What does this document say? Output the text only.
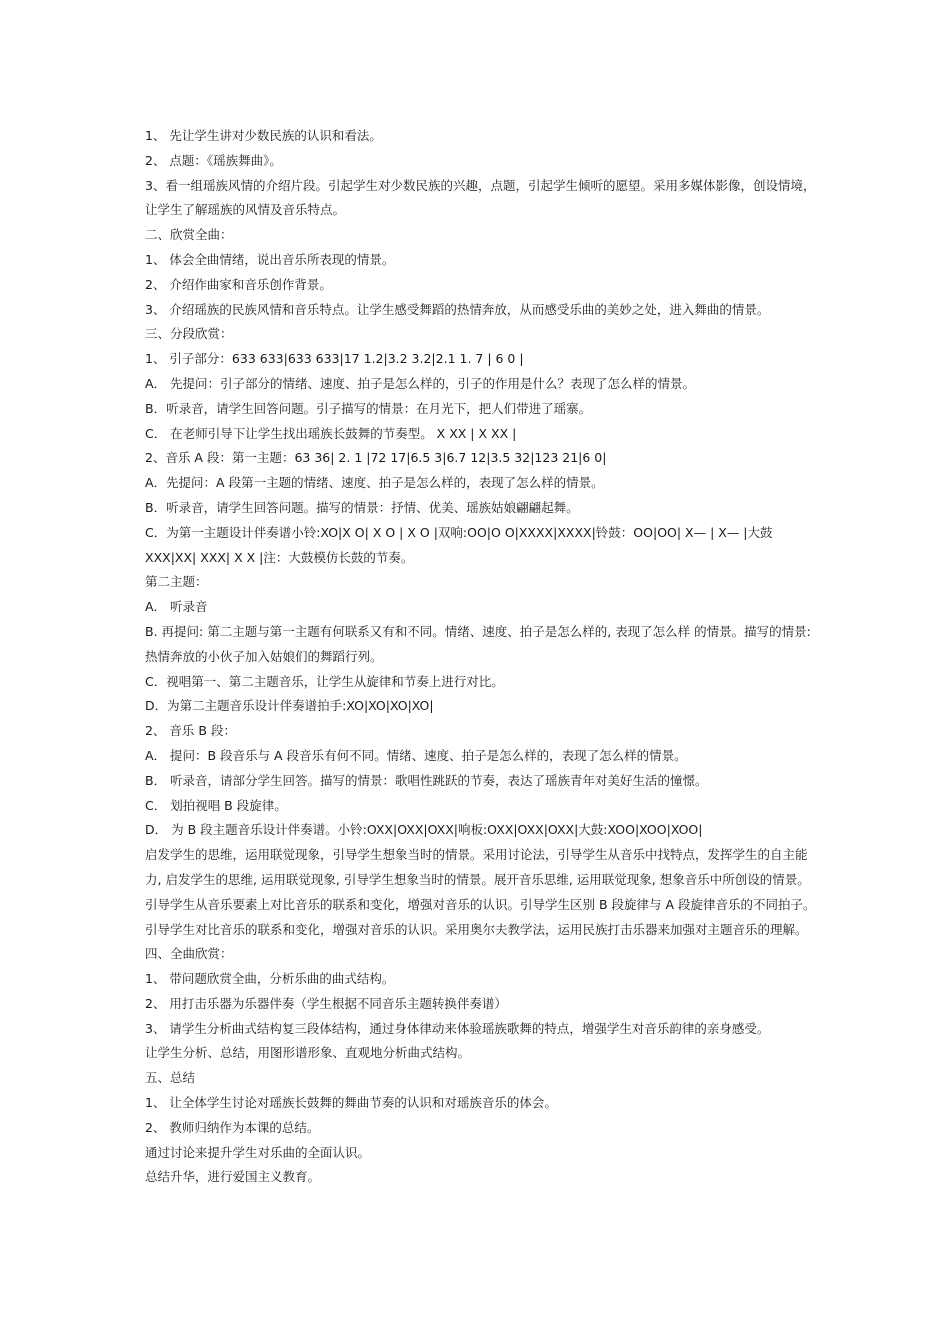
1、 先让学生讲对少数民族的认识和看法。
2、 点题：《瑶族舞曲》。
3、看一组瑶族风情的介绍片段。引起学生对少数民族的兴趣，点题，引起学生倾听的愿望。采用多媒体影像，创设情境，
让学生了解瑶族的风情及音乐特点。
二、欣赏全曲：
1、 体会全曲情绪，说出音乐所表现的情景。
2、 介绍作曲家和音乐创作背景。
3、 介绍瑶族的民族风情和音乐特点。让学生感受舞蹈的热情奔放，从而感受乐曲的美妙之处，进入舞曲的情景。
三、分段欣赏：
1、 引子部分：633 633|633 633|17 1.2|3.2 3.2|2.1 1. 7 | 6 0 |
A． 先提问：引子部分的情绪、速度、拍子是怎么样的，引子的作用是什么？表现了怎么样的情景。
B．听录音，请学生回答问题。引子描写的情景：在月光下，把人们带进了瑶寨。
C． 在老师引导下让学生找出瑶族长鼓舞的节奏型。 X XX | X XX |
2、音乐 A 段：第一主题：63 36| 2. 1 |72 17|6.5 3|6.7 12|3.5 32|123 21|6 0|
A．先提问：A 段第一主题的情绪、速度、拍子是怎么样的，表现了怎么样的情景。
B．听录音，请学生回答问题。描写的情景：抒情、优美、瑶族姑娘翩翩起舞。
C．为第一主题设计伴奏谱小铃:XO|X O| X O | X O |双响:OO|O O|XXXX|XXXX|铃鼓：OO|OO| X— | X— |大鼓
XXX|XX| XXX| X X |注：大鼓模仿长鼓的节奏。
第二主题：
A． 听录音
B. 再提问: 第二主题与第一主题有何联系又有和不同。情绪、速度、拍子是怎么样的, 表现了怎么样 的情景。描写的情景:
热情奔放的小伙子加入姑娘们的舞蹈行列。
C．视唱第一、第二主题音乐，让学生从旋律和节奏上进行对比。
D．为第二主题音乐设计伴奏谱拍手:XO|XO|XO|XO|
2、 音乐 B 段：
A． 提问：B 段音乐与 A 段音乐有何不同。情绪、速度、拍子是怎么样的，表现了怎么样的情景。
B． 听录音，请部分学生回答。描写的情景：歌唱性跳跃的节奏，表达了瑶族青年对美好生活的憧憬。
C． 划拍视唱 B 段旋律。
D． 为 B 段主题音乐设计伴奏谱。小铃:OXX|OXX|OXX|响板:OXX|OXX|OXX|大鼓:XOO|XOO|XOO|
启发学生的思维，运用联觉现象，引导学生想象当时的情景。采用讨论法，引导学生从音乐中找特点，发挥学生的自主能
力, 启发学生的思维, 运用联觉现象, 引导学生想象当时的情景。展开音乐思维, 运用联觉现象, 想象音乐中所创设的情景。
引导学生从音乐要素上对比音乐的联系和变化，增强对音乐的认识。引导学生区别 B 段旋律与 A 段旋律音乐的不同拍子。
引导学生对比音乐的联系和变化，增强对音乐的认识。采用奥尔夫教学法，运用民族打击乐器来加强对主题音乐的理解。
四、全曲欣赏：
1、 带问题欣赏全曲，分析乐曲的曲式结构。
2、 用打击乐器为乐器伴奏（学生根据不同音乐主题转换伴奏谱）
3、 请学生分析曲式结构复三段体结构，通过身体律动来体验瑶族歌舞的特点，增强学生对音乐韵律的亲身感受。
让学生分析、总结，用图形谱形象、直观地分析曲式结构。
五、总结
1、 让全体学生讨论对瑶族长鼓舞的舞曲节奏的认识和对瑶族音乐的体会。
2、 教师归纳作为本课的总结。
通过讨论来提升学生对乐曲的全面认识。
总结升华，进行爱国主义教育。
